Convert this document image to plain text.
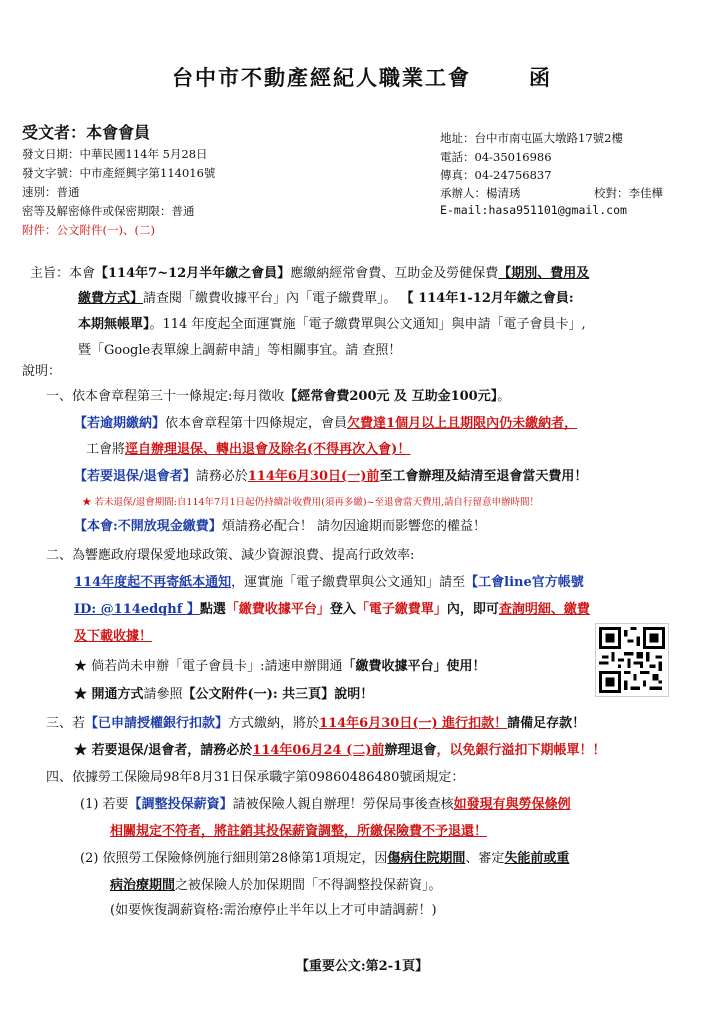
台中市不動產經紀人職業工會	函
受文者：本會會員
發文日期：中華民國114年 5月28日
發文字號：中市產經興字第114016號
速別：普通
密等及解密條件或保密期限：普通
附件：公文附件(一)、(二)
地址：台中市南屯區大墩路17號2樓
電話：04-35016986
傳真：04-24756837
承辦人：楊清琇	校對：李佳樺
E-mail:hasa951101@gmail.com
主旨：本會【114年7~12月半年繳之會員】應繳納經常會費、互助金及勞健保費【期別、費用及
繳費方式】請查閱「繳費收據平台」內「電子繳費單」。 【 114年1-12月年繳之會員:
本期無帳單】。114 年度起全面運實施「電子繳費單與公文通知」與申請「電子會員卡」,
暨「Google表單線上調薪申請」等相關事宜。請 查照！
說明：
一、依本會章程第三十一條規定:每月徵收【經常會費200元 及 互助金100元】。
【若逾期繳納】依本會章程第十四條規定，會員欠費達1個月以上且期限內仍未繳納者，
工會將逕自辦理退保、轉出退會及除名(不得再次入會)！
【若要退保/退會者】請務必於114年6月30日(一)前至工會辦理及結清至退會當天費用！
★ 若未退保/退會期間:自114年7月1日起仍持續計收費用(須再多繳)~至退會當天費用,請自行留意申辦時間！
【本會:不開放現金繳費】煩請務必配合！ 請勿因逾期而影響您的權益！
二、為響應政府環保愛地球政策、減少資源浪費、提高行政效率:
114年度起不再寄紙本通知，運實施「電子繳費單與公文通知」請至【工會line官方帳號
ID: @114edqhf 】點選「繳費收據平台」登入「電子繳費單」內，即可查詢明細、繳費
及下載收據！
★ 倘若尚未申辦「電子會員卡」:請速申辦開通「繳費收據平台」使用！
★ 開通方式請參照【公文附件(一): 共三頁】說明！
三、若【已申請授權銀行扣款】方式繳納，將於114年6月30日(一) 進行扣款！請備足存款！
★ 若要退保/退會者，請務必於114年06月24 (二)前辦理退會，以免銀行溢扣下期帳單！！
四、依據勞工保險局98年8月31日保承職字第09860486480號函規定：
(1) 若要【調整投保薪資】請被保險人親自辦理！勞保局事後查核如發現有與勞保條例
相關規定不符者，將註銷其投保薪資調整，所繳保險費不予退還！
(2) 依照勞工保險條例施行細則第28條第1項規定，因傷病住院期間、審定失能前或重
病治療期間之被保險人於加保期間「不得調整投保薪資」。
(如要恢復調薪資格:需治療停止半年以上才可申請調薪！)
【重要公文:第2-1頁】
